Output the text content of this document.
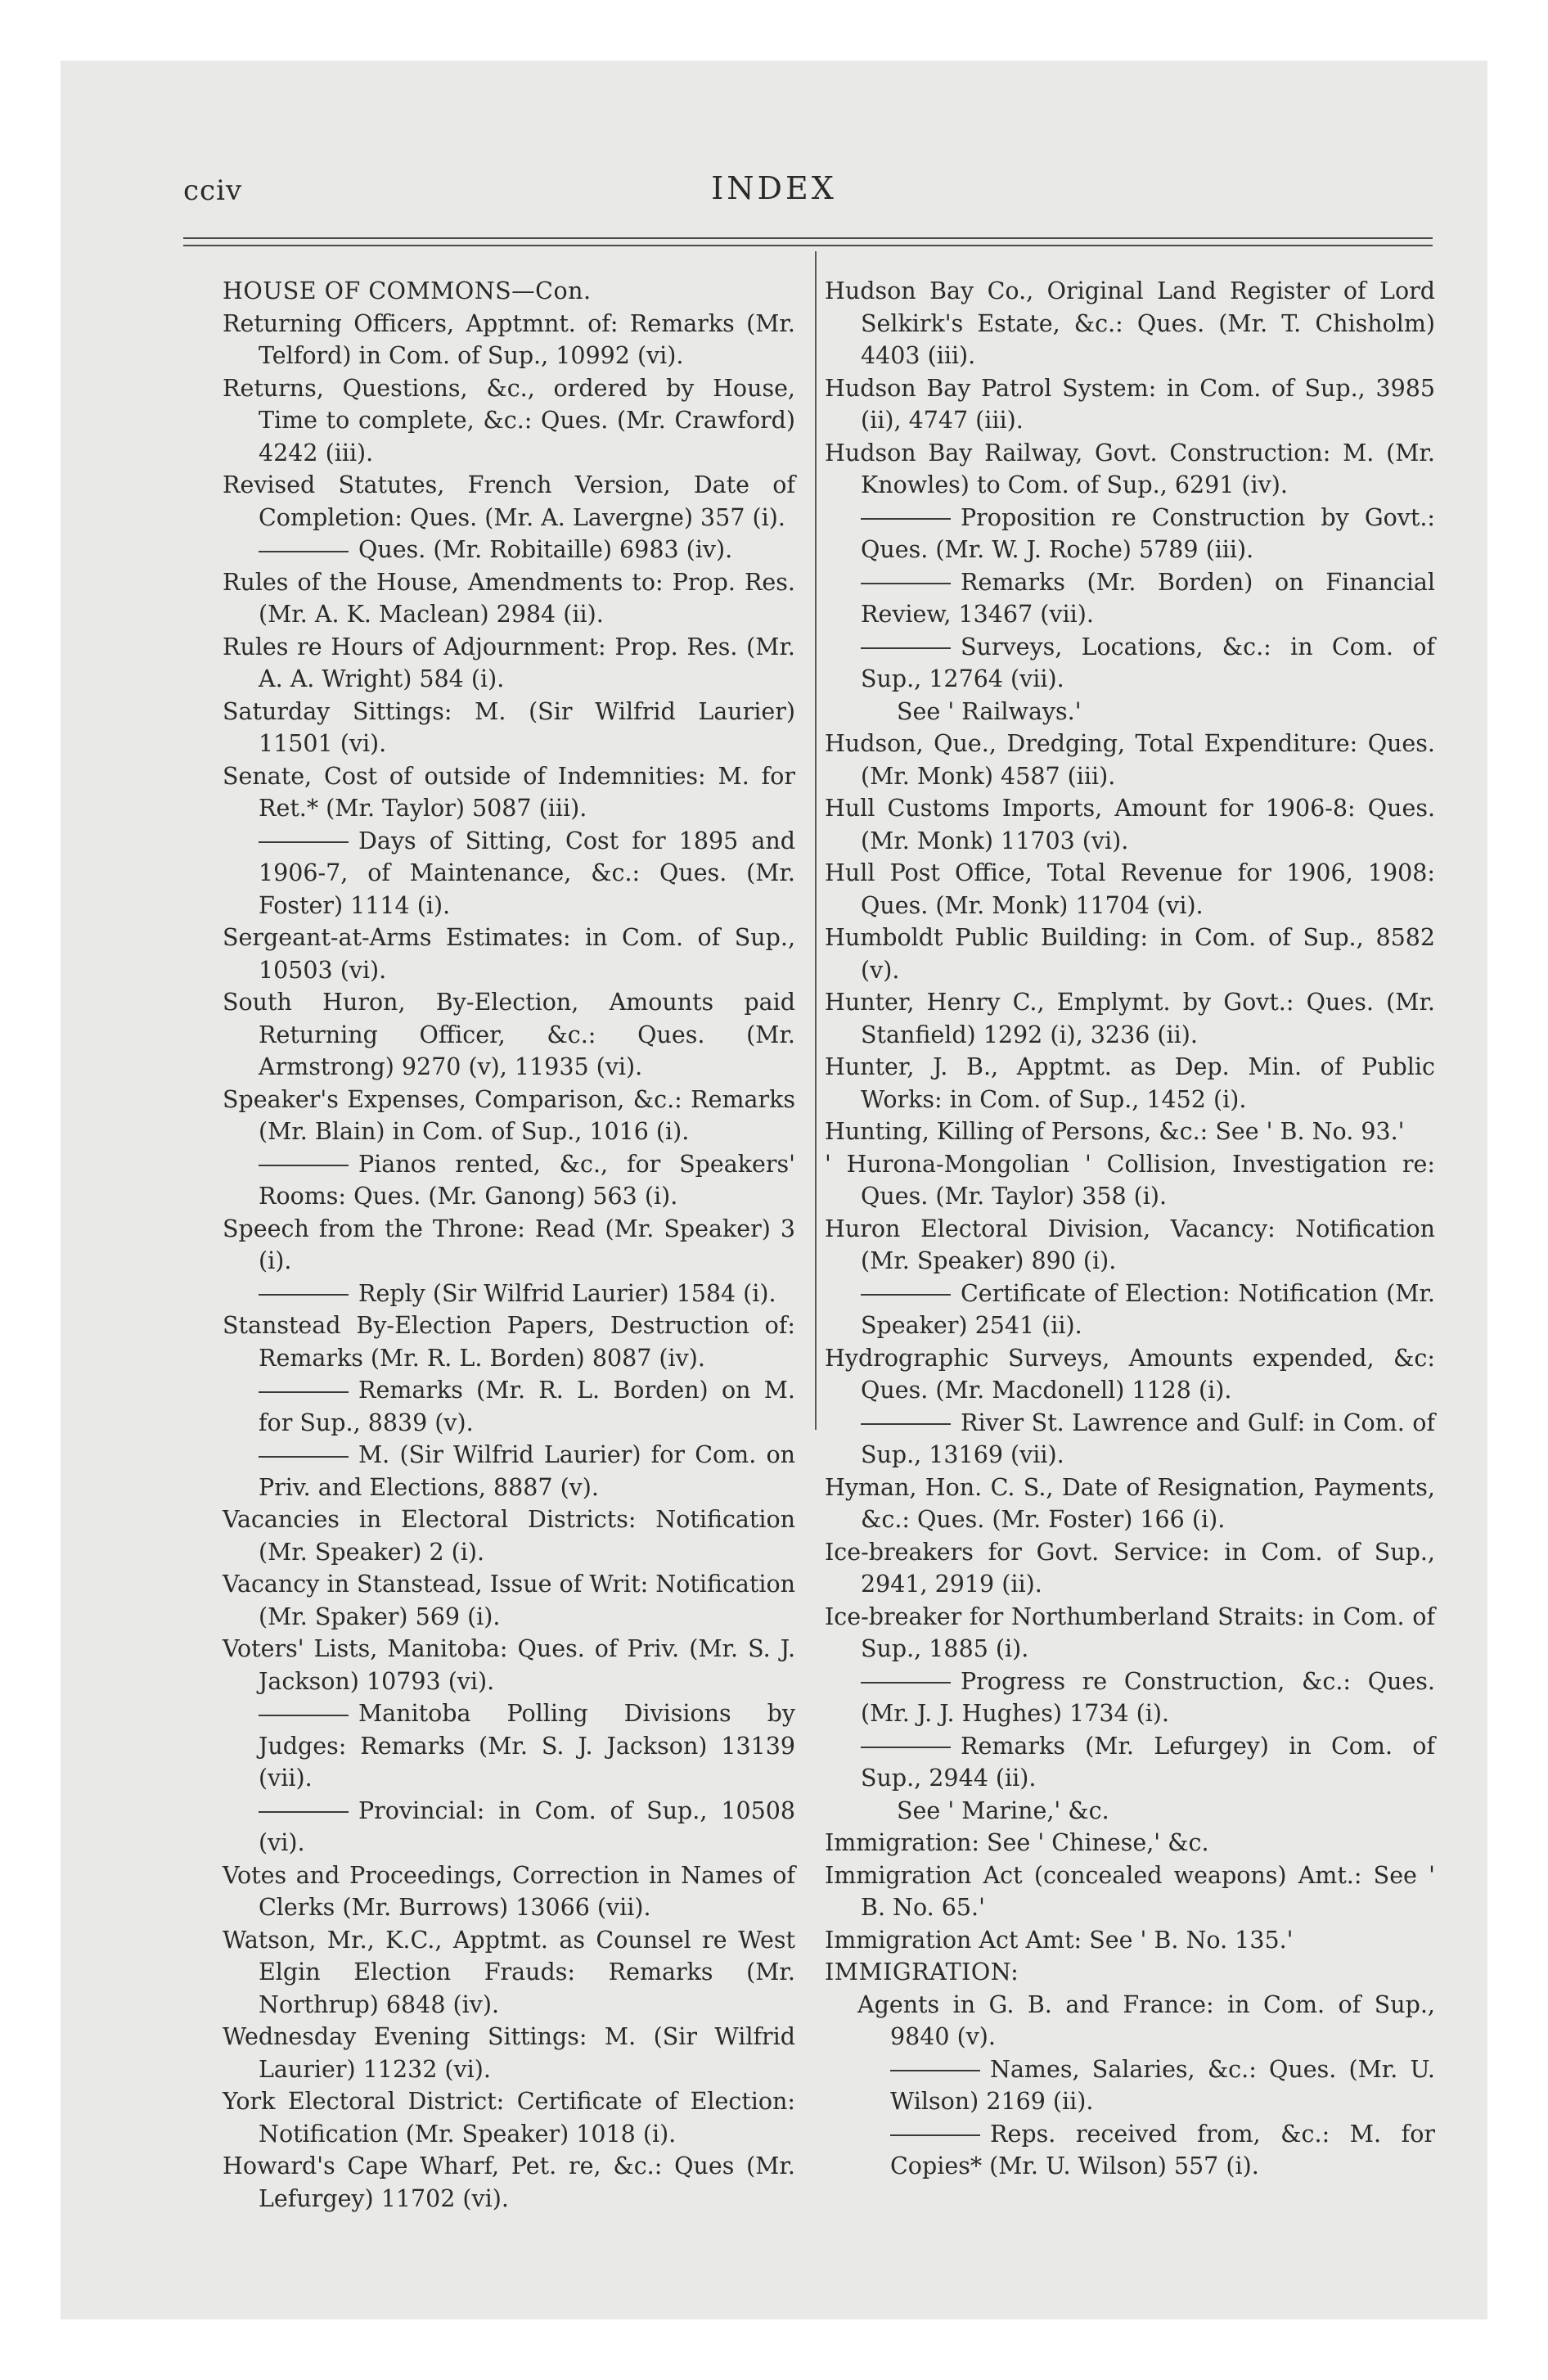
cciv	INDEX

HOUSE OF COMMONS—Con.

Returning Officers, Apptmnt. of: Remarks (Mr. Telford) in Com. of Sup., 10992 (vi).

Returns, Questions, &c., ordered by House, Time to complete, &c.: Ques. (Mr. Crawford) 4242 (iii).

Revised Statutes, French Version, Date of Completion: Ques. (Mr. A. Lavergne) 357 (i).

Ques. (Mr. Robitaille) 6983 (iv).

Rules of the House, Amendments to: Prop. Res. (Mr. A. K. Maclean) 2984 (ii).

Rules re Hours of Adjournment: Prop. Res. (Mr. A. A. Wright) 584 (i).

Saturday Sittings: M. (Sir Wilfrid Laurier) 11501 (vi).

Senate, Cost of outside of Indemnities: M. for Ret.* (Mr. Taylor) 5087 (iii).

Days of Sitting, Cost for 1895 and 1906-7, of Maintenance, &c.: Ques. (Mr. Foster) 1114 (i).

Sergeant-at-Arms Estimates: in Com. of Sup., 10503 (vi).

South Huron, By-Election, Amounts paid Returning Officer, &c.: Ques. (Mr. Armstrong) 9270 (v), 11935 (vi).

Speaker's Expenses, Comparison, &c.: Remarks (Mr. Blain) in Com. of Sup., 1016 (i).

Pianos rented, &c., for Speakers' Rooms: Ques. (Mr. Ganong) 563 (i).

Speech from the Throne: Read (Mr. Speaker) 3 (i).

Reply (Sir Wilfrid Laurier) 1584 (i).

Stanstead By-Election Papers, Destruction of: Remarks (Mr. R. L. Borden) 8087 (iv).

Remarks (Mr. R. L. Borden) on M. for Sup., 8839 (v).

M. (Sir Wilfrid Laurier) for Com. on Priv. and Elections, 8887 (v).

Vacancies in Electoral Districts: Notification (Mr. Speaker) 2 (i).

Vacancy in Stanstead, Issue of Writ: Notification (Mr. Spaker) 569 (i).

Voters' Lists, Manitoba: Ques. of Priv. (Mr. S. J. Jackson) 10793 (vi).

Manitoba Polling Divisions by Judges: Remarks (Mr. S. J. Jackson) 13139 (vii).

Provincial: in Com. of Sup., 10508 (vi).

Votes and Proceedings, Correction in Names of Clerks (Mr. Burrows) 13066 (vii).

Watson, Mr., K.C., Apptmt. as Counsel re West Elgin Election Frauds: Remarks (Mr. Northrup) 6848 (iv).

Wednesday Evening Sittings: M. (Sir Wilfrid Laurier) 11232 (vi).

York Electoral District: Certificate of Election: Notification (Mr. Speaker) 1018 (i).

Howard's Cape Wharf, Pet. re, &c.: Ques (Mr. Lefurgey) 11702 (vi).

Hudson Bay Co., Original Land Register of Lord Selkirk's Estate, &c.: Ques. (Mr. T. Chisholm) 4403 (iii).

Hudson Bay Patrol System: in Com. of Sup., 3985 (ii), 4747 (iii).

Hudson Bay Railway, Govt. Construction: M. (Mr. Knowles) to Com. of Sup., 6291 (iv).

Proposition re Construction by Govt.: Ques. (Mr. W. J. Roche) 5789 (iii).

Remarks (Mr. Borden) on Financial Review, 13467 (vii).

Surveys, Locations, &c.: in Com. of Sup., 12764 (vii).

See ' Railways.'

Hudson, Que., Dredging, Total Expenditure: Ques. (Mr. Monk) 4587 (iii).

Hull Customs Imports, Amount for 1906-8: Ques. (Mr. Monk) 11703 (vi).

Hull Post Office, Total Revenue for 1906, 1908: Ques. (Mr. Monk) 11704 (vi).

Humboldt Public Building: in Com. of Sup., 8582 (v).

Hunter, Henry C., Emplymt. by Govt.: Ques. (Mr. Stanfield) 1292 (i), 3236 (ii).

Hunter, J. B., Apptmt. as Dep. Min. of Public Works: in Com. of Sup., 1452 (i).

Hunting, Killing of Persons, &c.: See ' B. No. 93.'

' Hurona-Mongolian ' Collision, Investigation re: Ques. (Mr. Taylor) 358 (i).

Huron Electoral Division, Vacancy: Notification (Mr. Speaker) 890 (i).

Certificate of Election: Notification (Mr. Speaker) 2541 (ii).

Hydrographic Surveys, Amounts expended, &c: Ques. (Mr. Macdonell) 1128 (i).

River St. Lawrence and Gulf: in Com. of Sup., 13169 (vii).

Hyman, Hon. C. S., Date of Resignation, Payments, &c.: Ques. (Mr. Foster) 166 (i).

Ice-breakers for Govt. Service: in Com. of Sup., 2941, 2919 (ii).

Ice-breaker for Northumberland Straits: in Com. of Sup., 1885 (i).

Progress re Construction, &c.: Ques. (Mr. J. J. Hughes) 1734 (i).

Remarks (Mr. Lefurgey) in Com. of Sup., 2944 (ii).

See ' Marine,' &c.

Immigration: See ' Chinese,' &c.

Immigration Act (concealed weapons) Amt.: See ' B. No. 65.'

Immigration Act Amt: See ' B. No. 135.'

IMMIGRATION:

Agents in G. B. and France: in Com. of Sup., 9840 (v).

Names, Salaries, &c.: Ques. (Mr. U. Wilson) 2169 (ii).

Reps. received from, &c.: M. for Copies* (Mr. U. Wilson) 557 (i).
